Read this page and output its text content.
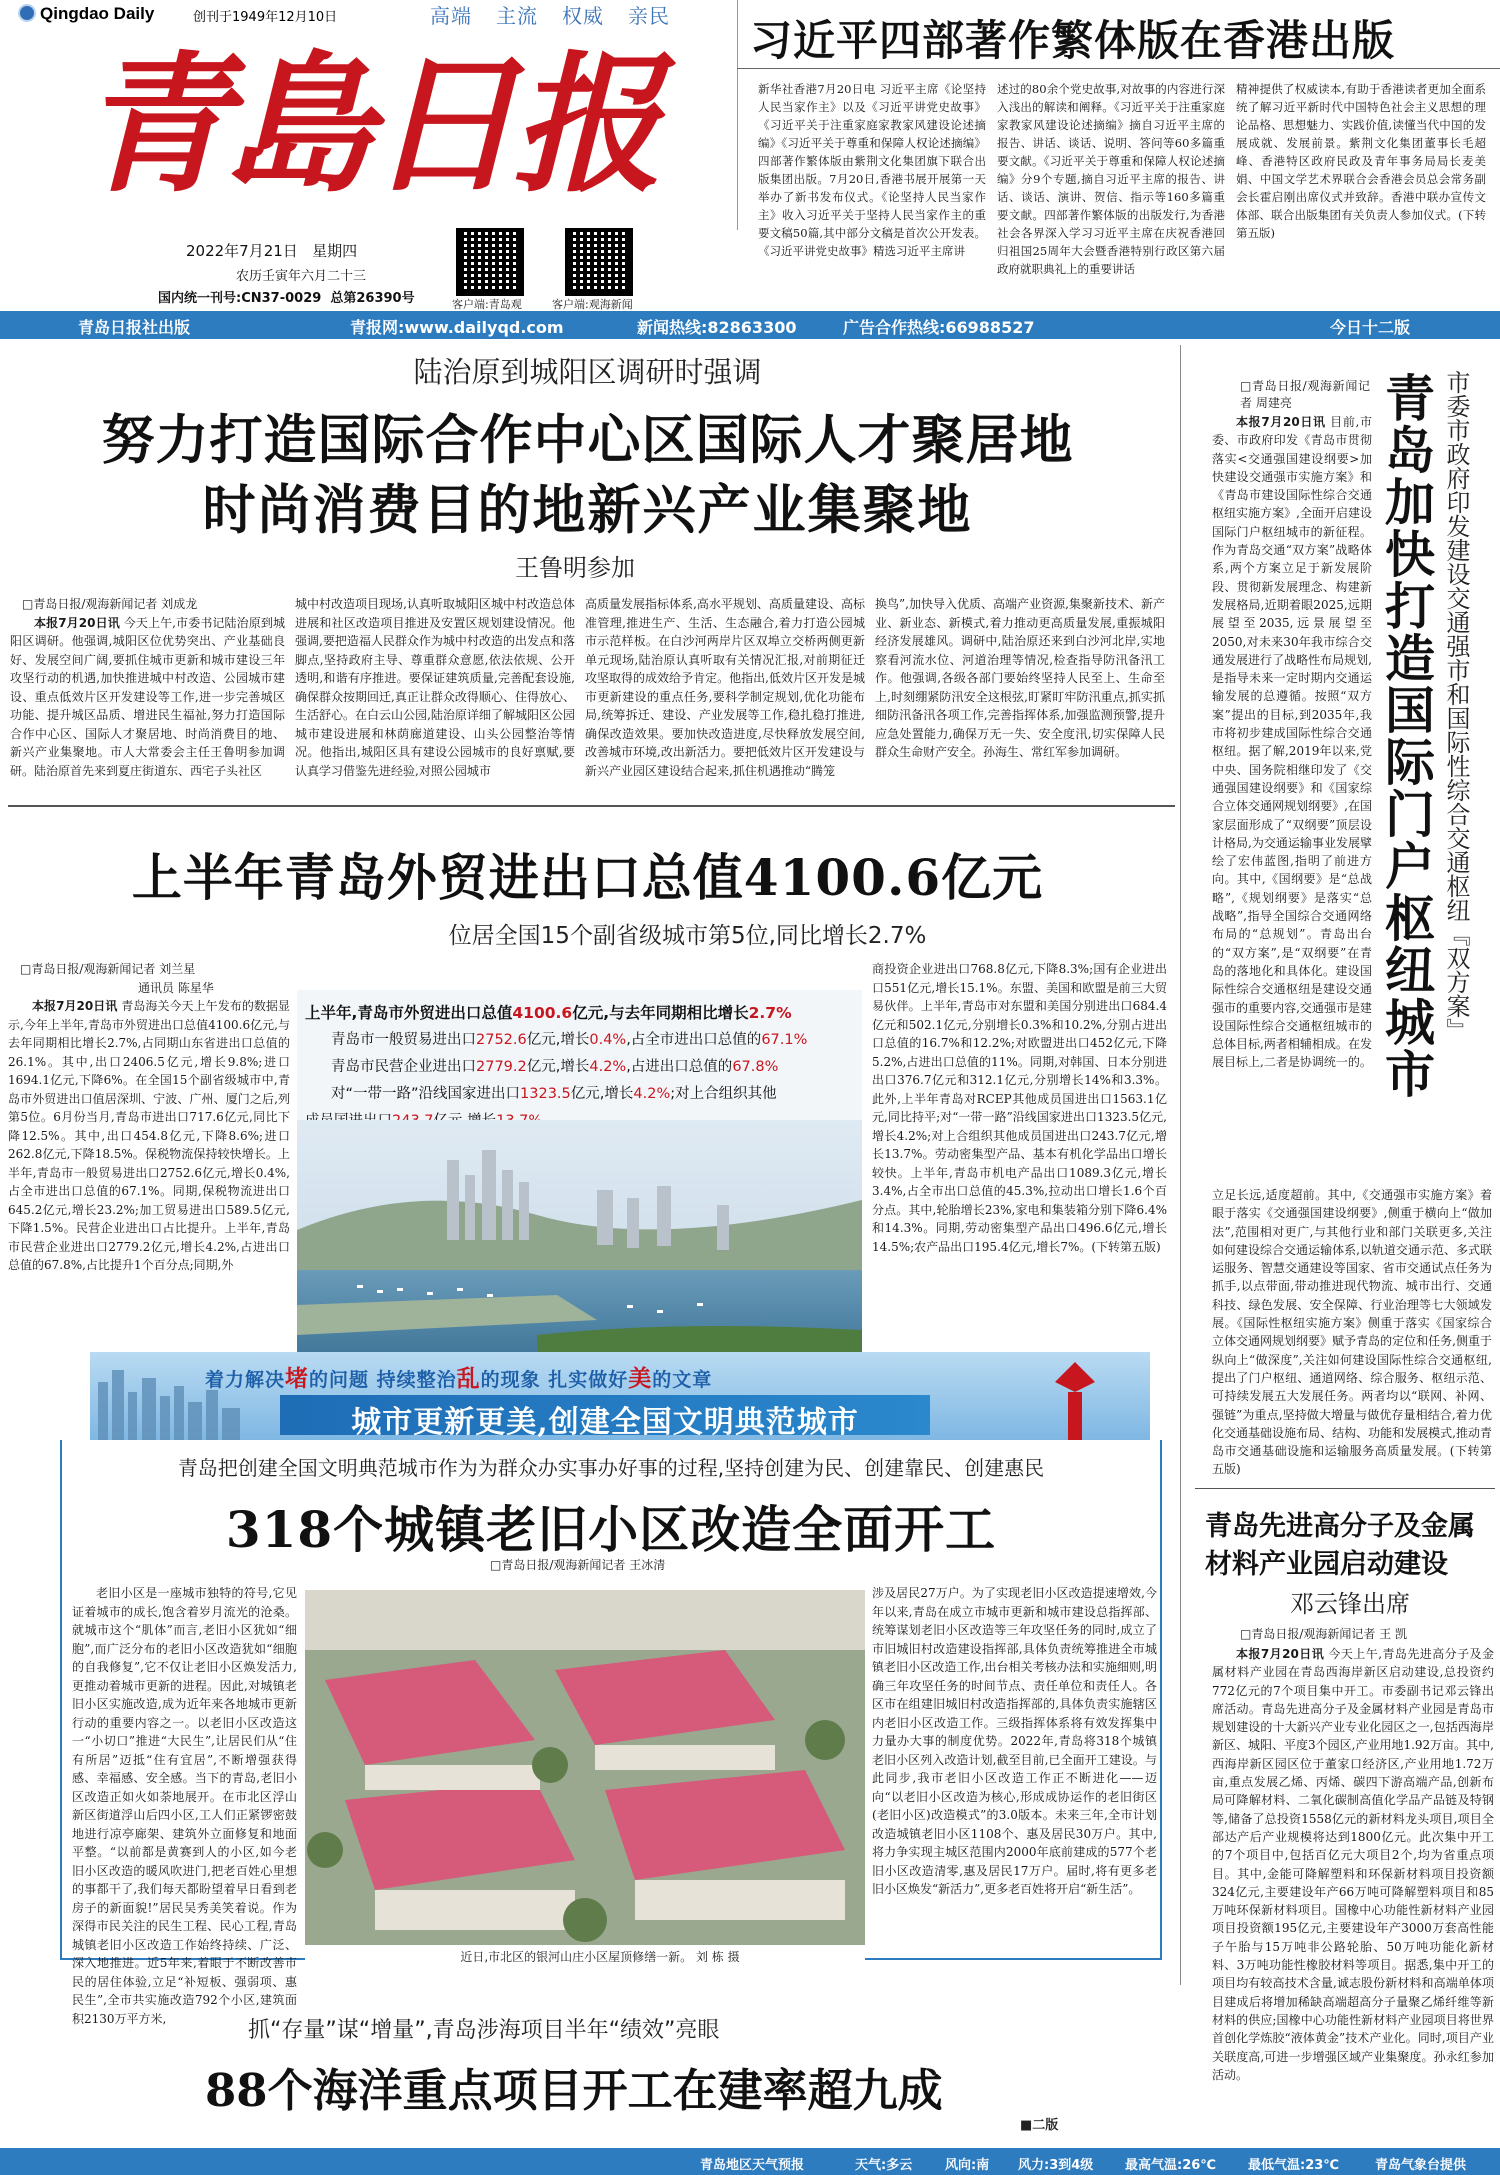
Qingdao Daily	创刊于1949年12月10日	高端 主流 权威 亲民
青島日报
2022年7月21日 星期四
农历壬寅年六月二十三
国内统一刊号:CN37-0029 总第26390号	客户端:青岛观	客户端:观海新闻
习近平四部著作繁体版在香港出版
新华社香港7月20日电 习近平主席《论坚持人民当家作主》以及《习近平讲党史故事》《习近平关于注重家庭家教家风建设论述摘编》《习近平关于尊重和保障人权论述摘编》四部著作繁体版由紫荆文化集团旗下联合出版集团出版。7月20日,香港书展开展第一天举办了新书发布仪式。《论坚持人民当家作主》收入习近平关于坚持人民当家作主的重要文稿50篇,其中部分文稿是首次公开发表。《习近平讲党史故事》精选习近平主席讲
述过的80余个党史故事,对故事的内容进行深入浅出的解读和阐释。《习近平关于注重家庭家教家风建设论述摘编》摘自习近平主席的报告、讲话、谈话、说明、答问等60多篇重要文献。《习近平关于尊重和保障人权论述摘编》分9个专题,摘自习近平主席的报告、讲话、谈话、演讲、贺信、指示等160多篇重要文献。四部著作繁体版的出版发行,为香港社会各界深入学习习近平主席在庆祝香港回归祖国25周年大会暨香港特别行政区第六届政府就职典礼上的重要讲话
精神提供了权威读本,有助于香港读者更加全面系统了解习近平新时代中国特色社会主义思想的理论品格、思想魅力、实践价值,读懂当代中国的发展成就、发展前景。紫荆文化集团董事长毛超峰、香港特区政府民政及青年事务局局长麦美娟、中国文学艺术界联合会香港会员总会常务副会长霍启刚出席仪式并致辞。香港中联办宣传文体部、联合出版集团有关负责人参加仪式。(下转第五版)
青岛日报社出版	青报网:www.dailyqd.com	新闻热线:82863300	广告合作热线:66988527	今日十二版
陆治原到城阳区调研时强调
努力打造国际合作中心区国际人才聚居地
时尚消费目的地新兴产业集聚地
王鲁明参加
□青岛日报/观海新闻记者 刘成龙

本报7月20日讯 今天上午,市委书记陆治原到城阳区调研。他强调,城阳区位优势突出、产业基础良好、发展空间广阔,要抓住城市更新和城市建设三年攻坚行动的机遇,加快推进城中村改造、公园城市建设、重点低效片区开发建设等工作,进一步完善城区功能、提升城区品质、增进民生福祉,努力打造国际合作中心区、国际人才聚居地、时尚消费目的地、新兴产业集聚地。市人大常委会主任王鲁明参加调研。陆治原首先来到夏庄街道东、西宅子头社区

城中村改造项目现场,认真听取城阳区城中村改造总体进展和社区改造项目推进及安置区规划建设情况。他强调,要把造福人民群众作为城中村改造的出发点和落脚点,坚持政府主导、尊重群众意愿,依法依规、公开透明,和谐有序推进。要保证建筑质量,完善配套设施,确保群众按期回迁,真正让群众改得顺心、住得放心、生活舒心。在白云山公园,陆治原详细了解城阳区公园城市建设进展和林荫廊道建设、山头公园整治等情况。他指出,城阳区具有建设公园城市的良好禀赋,要认真学习借鉴先进经验,对照公园城市
高质量发展指标体系,高水平规划、高质量建设、高标准管理,推进生产、生活、生态融合,着力打造公园城市示范样板。在白沙河两岸片区双埠立交桥两侧更新单元现场,陆治原认真听取有关情况汇报,对前期征迁攻坚取得的成效给予肯定。他指出,低效片区开发是城市更新建设的重点任务,要科学制定规划,优化功能布局,统筹拆迁、建设、产业发展等工作,稳扎稳打推进,确保改造效果。要加快改造进度,尽快释放发展空间,改善城市环境,改出新活力。要把低效片区开发建设与新兴产业园区建设结合起来,抓住机遇推动“腾笼
换鸟”,加快导入优质、高端产业资源,集聚新技术、新产业、新业态、新模式,着力推动更高质量发展,重振城阳经济发展雄风。调研中,陆治原还来到白沙河北岸,实地察看河流水位、河道治理等情况,检查指导防汛备汛工作。他强调,各级各部门要始终坚持人民至上、生命至上,时刻绷紧防汛安全这根弦,盯紧盯牢防汛重点,抓实抓细防汛备汛各项工作,完善指挥体系,加强监测预警,提升应急处置能力,确保万无一失、安全度汛,切实保障人民群众生命财产安全。孙海生、常红军参加调研。
上半年青岛外贸进出口总值4100.6亿元
位居全国15个副省级城市第5位,同比增长2.7%
□青岛日报/观海新闻记者 刘兰星
通讯员 陈星华

本报7月20日讯 青岛海关今天上午发布的数据显示,今年上半年,青岛市外贸进出口总值4100.6亿元,与去年同期相比增长2.7%,占同期山东省进出口总值的26.1%。其中,出口2406.5亿元,增长9.8%;进口1694.1亿元,下降6%。在全国15个副省级城市中,青岛市外贸进出口值居深圳、宁波、广州、厦门之后,列第5位。6月份当月,青岛市进出口717.6亿元,同比下降12.5%。其中,出口454.8亿元,下降8.6%;进口262.8亿元,下降18.5%。保税物流保持较快增长。上半年,青岛市一般贸易进出口2752.6亿元,增长0.4%,占全市进出口总值的67.1%。同期,保税物流进出口645.2亿元,增长23.2%;加工贸易进出口589.5亿元,下降1.5%。民营企业进出口占比提升。上半年,青岛市民营企业进出口2779.2亿元,增长4.2%,占进出口总值的67.8%,占比提升1个百分点;同期,外

上半年,青岛市外贸进出口总值4100.6亿元,与去年同期相比增长2.7%
青岛市一般贸易进出口2752.6亿元,增长0.4%,占全市进出口总值的67.1%
青岛市民营企业进出口2779.2亿元,增长4.2%,占进出口总值的67.8%
对“一带一路”沿线国家进出口1323.5亿元,增长4.2%;对上合组织其他
商投资企业进出口768.8亿元,下降8.3%;国有企业进出口551亿元,增长15.1%。东盟、美国和欧盟是前三大贸易伙伴。上半年,青岛市对东盟和美国分别进出口684.4亿元和502.1亿元,分别增长0.3%和10.2%,分别占进出口总值的16.7%和12.2%;对欧盟进出口452亿元,下降5.2%,占进出口总值的11%。同期,对韩国、日本分别进出口376.7亿元和312.1亿元,分别增长14%和3.3%。此外,上半年青岛对RCEP其他成员国进出口1563.1亿元,同比持平;对“一带一路”沿线国家进出口1323.5亿元,增长4.2%;对上合组织其他成员国进出口243.7亿元,增长13.7%。劳动密集型产品、基本有机化学品出口增长较快。上半年,青岛市机电产品出口1089.3亿元,增长3.4%,占全市出口总值的45.3%,拉动出口增长1.6个百分点。其中,轮胎增长23%,家电和集装箱分别下降6.4%和14.3%。同期,劳动密集型产品出口496.6亿元,增长14.5%;农产品出口195.4亿元,增长7%。(下转第五版)
着力解决堵的问题 持续整治乱的现象 扎实做好美的文章
城市更新更美,创建全国文明典范城市
青岛把创建全国文明典范城市作为为群众办实事办好事的过程,坚持创建为民、创建靠民、创建惠民
318个城镇老旧小区改造全面开工
□青岛日报/观海新闻记者 王冰清

老旧小区是一座城市独特的符号,它见证着城市的成长,饱含着岁月流光的沧桑。就城市这个“肌体”而言,老旧小区犹如“细胞”,而广泛分布的老旧小区改造犹如“细胞的自我修复”,它不仅让老旧小区焕发活力,更推动着城市更新的进程。因此,对城镇老旧小区实施改造,成为近年来各地城市更新行动的重要内容之一。以老旧小区改造这一“小切口”推进“大民生”,让居民们从“住有所居”迈抵“住有宜居”,不断增强获得感、幸福感、安全感。当下的青岛,老旧小区改造正如火如荼地展开。在市北区浮山新区街道浮山后四小区,工人们正紧锣密鼓地进行凉亭廊架、建筑外立面修复和地面平整。“以前都是黄赛到人的小区,如今老旧小区改造的暖风吹进门,把老百姓心里想的事都干了,我们每天都盼望着早日看到老房子的新面貌!”居民吴秀美笑着说。作为深得市民关注的民生工程、民心工程,青岛城镇老旧小区改造工作始终持续、广泛、深入地推进。近5年来,着眼于不断改善市民的居住体验,立足“补短板、强弱项、惠民生”,全市共实施改造792个小区,建筑面积2130万平方米,

近日,市北区的银河山庄小区屋顶修缮一新。 刘 栋 摄
涉及居民27万户。为了实现老旧小区改造提速增效,今年以来,青岛在成立市城市更新和城市建设总指挥部、统筹谋划老旧小区改造等三年攻坚任务的同时,成立了市旧城旧村改造建设指挥部,具体负责统筹推进全市城镇老旧小区改造工作,出台相关考核办法和实施细则,明确三年攻坚任务的时间节点、责任单位和责任人。各区市在组建旧城旧村改造指挥部的,具体负责实施辖区内老旧小区改造工作。三级指挥体系将有效发挥集中力量办大事的制度优势。2022年,青岛将318个城镇老旧小区列入改造计划,截至目前,已全面开工建设。与此同步,我市老旧小区改造工作正不断进化——迈向“以老旧小区改造为核心,形成成协运作的老旧街区(老旧小区)改造模式”的3.0版本。未来三年,全市计划改造城镇老旧小区1108个、惠及居民30万户。其中,将力争实现主城区范围内2000年底前建成的577个老旧小区改造清零,惠及居民17万户。届时,将有更多老旧小区焕发“新活力”,更多老百姓将开启“新生活”。
抓“存量”谋“增量”,青岛涉海项目半年“绩效”亮眼
88个海洋重点项目开工在建率超九成
■二版
□青岛日报/观海新闻记者 周建亮	市委市政府印发建设交通强市和国际性综合交通枢纽『双方案』
青岛加快打造国际门户枢纽城市

本报7月20日讯 目前,市委、市政府印发《青岛市贯彻落实<交通强国建设纲要>加快建设交通强市实施方案》和《青岛市建设国际性综合交通枢纽实施方案》,全面开启建设国际门户枢纽城市的新征程。作为青岛交通“双方案”战略体系,两个方案立足于新发展阶段、贯彻新发展理念、构建新发展格局,近期着眼2025,远期展望至2035,远景展望至2050,对未来30年我市综合交通发展进行了战略性布局规划,是指导未来一定时期内交通运输发展的总遵循。按照“双方案”提出的目标,到2035年,我市将初步建成国际性综合交通枢纽。据了解,2019年以来,党中央、国务院相继印发了《交通强国建设纲要》和《国家综合立体交通网规划纲要》,在国家层面形成了“双纲要”顶层设计格局,为交通运输事业发展擘绘了宏伟蓝图,指明了前进方向。其中,《国纲要》是“总战略”,《规划纲要》是落实“总战略”,指导全国综合交通网络布局的“总规划”。青岛出台的“双方案”,是“双纲要”在青岛的落地化和具体化。建设国际性综合交通枢纽是建设交通强市的重要内容,交通强市是建设国际性综合交通枢纽城市的总体目标,两者相辅相成。在发展目标上,二者是协调统一的。

立足长远,适度超前。其中,《交通强市实施方案》着眼于落实《交通强国建设纲要》,侧重于横向上“做加法”,范围相对更广,与其他行业和部门关联更多,关注如何建设综合交通运输体系,以轨道交通示范、多式联运服务、智慧交通建设等国家、省市交通试点任务为抓手,以点带面,带动推进现代物流、城市出行、交通科技、绿色发展、安全保障、行业治理等七大领域发展。《国际性枢纽实施方案》侧重于落实《国家综合立体交通网规划纲要》赋予青岛的定位和任务,侧重于纵向上“做深度”,关注如何建设国际性综合交通枢纽,提出了门户枢纽、通道网络、综合服务、枢纽示范、可持续发展五大发展任务。两者均以“联网、补网、强链”为重点,坚持做大增量与做优存量相结合,着力优化交通基础设施布局、结构、功能和发展模式,推动青岛市交通基础设施和运输服务高质量发展。(下转第五版)
青岛先进高分子及金属材料产业园启动建设
邓云锋出席
□青岛日报/观海新闻记者 王 凯

本报7月20日讯 今天上午,青岛先进高分子及金属材料产业园在青岛西海岸新区启动建设,总投资约772亿元的7个项目集中开工。市委副书记邓云锋出席活动。青岛先进高分子及金属材料产业园是青岛市规划建设的十大新兴产业专业化园区之一,包括西海岸新区、城阳、平度3个园区,产业用地1.92万亩。其中,西海岸新区园区位于董家口经济区,产业用地1.72万亩,重点发展乙烯、丙烯、碳四下游高端产品,创新布局可降解材料、二氧化碳制高值化学品产品链及特钢等,储备了总投资1558亿元的新材料龙头项目,项目全部达产后产业规模将达到1800亿元。此次集中开工的7个项目中,包括百亿元大项目2个,均为省重点项目。其中,金能可降解塑料和环保新材料项目投资额324亿元,主要建设年产66万吨可降解塑料项目和85万吨环保新材料项目。国橡中心功能性新材料产业园项目投资额195亿元,主要建设年产3000万套高性能子午胎与15万吨非公路轮胎、50万吨功能化新材料、3万吨功能性橡胶材料等项目。据悉,集中开工的项目均有较高技术含量,诚志股份新材料和高端单体项目建成后将增加稀缺高端超高分子量聚乙烯纤维等新材料的供应;国橡中心功能性新材料产业园项目将世界首创化学炼胶“液体黄金”技术产业化。同时,项目产业关联度高,可进一步增强区域产业集聚度。孙永红参加活动。

青岛地区天气预报	天气:多云	风向:南 风力:3到4级 最高气温:26℃ 最低气温:23℃	青岛气象台提供
